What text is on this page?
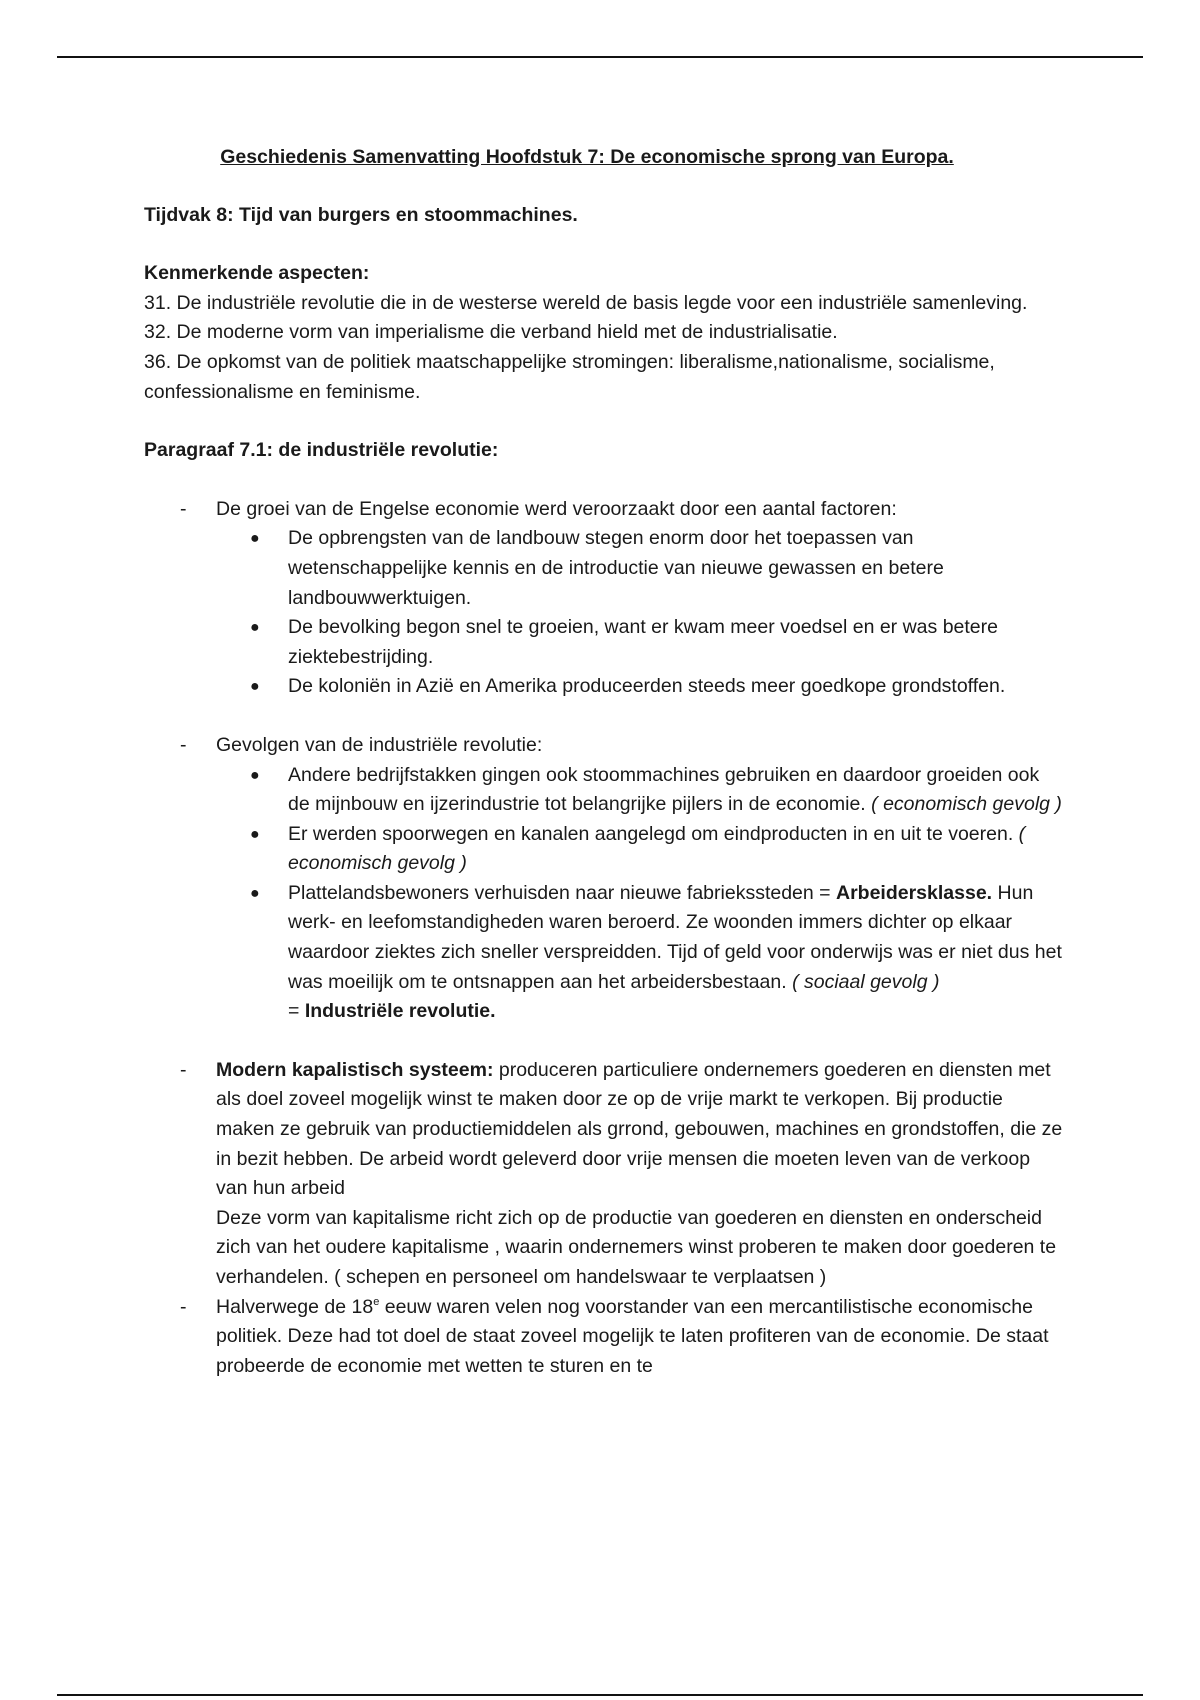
Geschiedenis Samenvatting Hoofdstuk 7: De economische sprong van Europa.

Tijdvak 8: Tijd van burgers en stoommachines.

Kenmerkende aspecten:

31. De industriële revolutie die in de westerse wereld de basis legde voor een industriële samenleving.

32. De moderne vorm van imperialisme die verband hield met de industrialisatie.

36. De opkomst van de politiek maatschappelijke stromingen: liberalisme,nationalisme, socialisme, confessionalisme en feminisme.

Paragraaf 7.1: de industriële revolutie:

- De groei van de Engelse economie werd veroorzaakt door een aantal factoren:
● De opbrengsten van de landbouw stegen enorm door het toepassen van wetenschappelijke kennis en de introductie van nieuwe gewassen en betere landbouwwerktuigen.
● De bevolking begon snel te groeien, want er kwam meer voedsel en er was betere ziektebestrijding.
● De koloniën in Azië en Amerika produceerden steeds meer goedkope grondstoffen.
- Gevolgen van de industriële revolutie:
● Andere bedrijfstakken gingen ook stoommachines gebruiken en daardoor groeiden ook de mijnbouw en ijzerindustrie tot belangrijke pijlers in de economie. ( economisch gevolg )
● Er werden spoorwegen en kanalen aangelegd om eindproducten in en uit te voeren. ( economisch gevolg )
● Plattelandsbewoners verhuisden naar nieuwe fabriekssteden = Arbeidersklasse. Hun werk- en leefomstandigheden waren beroerd. Ze woonden immers dichter op elkaar waardoor ziektes zich sneller verspreidden. Tijd of geld voor onderwijs was er niet dus het was moeilijk om te ontsnappen aan het arbeidersbestaan. ( sociaal gevolg )
= Industriële revolutie.
- Modern kapalistisch systeem: produceren particuliere ondernemers goederen en diensten met als doel zoveel mogelijk winst te maken door ze op de vrije markt te verkopen. Bij productie maken ze gebruik van productiemiddelen als grrond, gebouwen, machines en grondstoffen, die ze in bezit hebben. De arbeid wordt geleverd door vrije mensen die moeten leven van de verkoop van hun arbeid
Deze vorm van kapitalisme richt zich op de productie van goederen en diensten en onderscheid zich van het oudere kapitalisme , waarin ondernemers winst proberen te maken door goederen te verhandelen. ( schepen en personeel om handelswaar te verplaatsen )
- Halverwege de 18e eeuw waren velen nog voorstander van een mercantilistische economische politiek. Deze had tot doel de staat zoveel mogelijk te laten profiteren van de economie. De staat probeerde de economie met wetten te sturen en te
